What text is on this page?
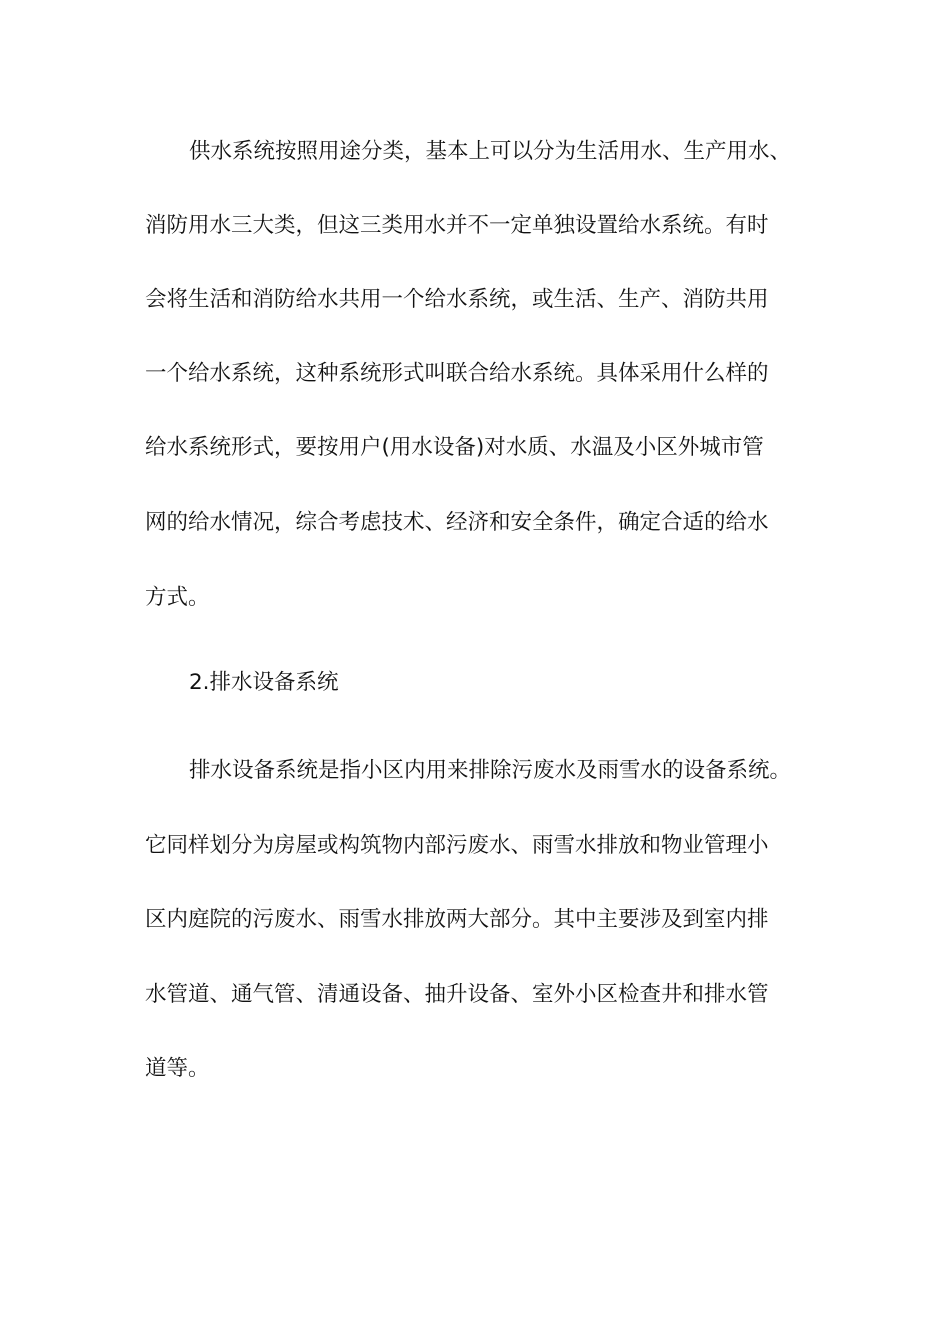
供水系统按照用途分类，基本上可以分为生活用水、生产用水、
消防用水三大类，但这三类用水并不一定单独设置给水系统。有时
会将生活和消防给水共用一个给水系统，或生活、生产、消防共用
一个给水系统，这种系统形式叫联合给水系统。具体采用什么样的
给水系统形式，要按用户(用水设备)对水质、水温及小区外城市管
网的给水情况，综合考虑技术、经济和安全条件，确定合适的给水
方式。
2.排水设备系统
排水设备系统是指小区内用来排除污废水及雨雪水的设备系统。
它同样划分为房屋或构筑物内部污废水、雨雪水排放和物业管理小
区内庭院的污废水、雨雪水排放两大部分。其中主要涉及到室内排
水管道、通气管、清通设备、抽升设备、室外小区检查井和排水管
道等。
